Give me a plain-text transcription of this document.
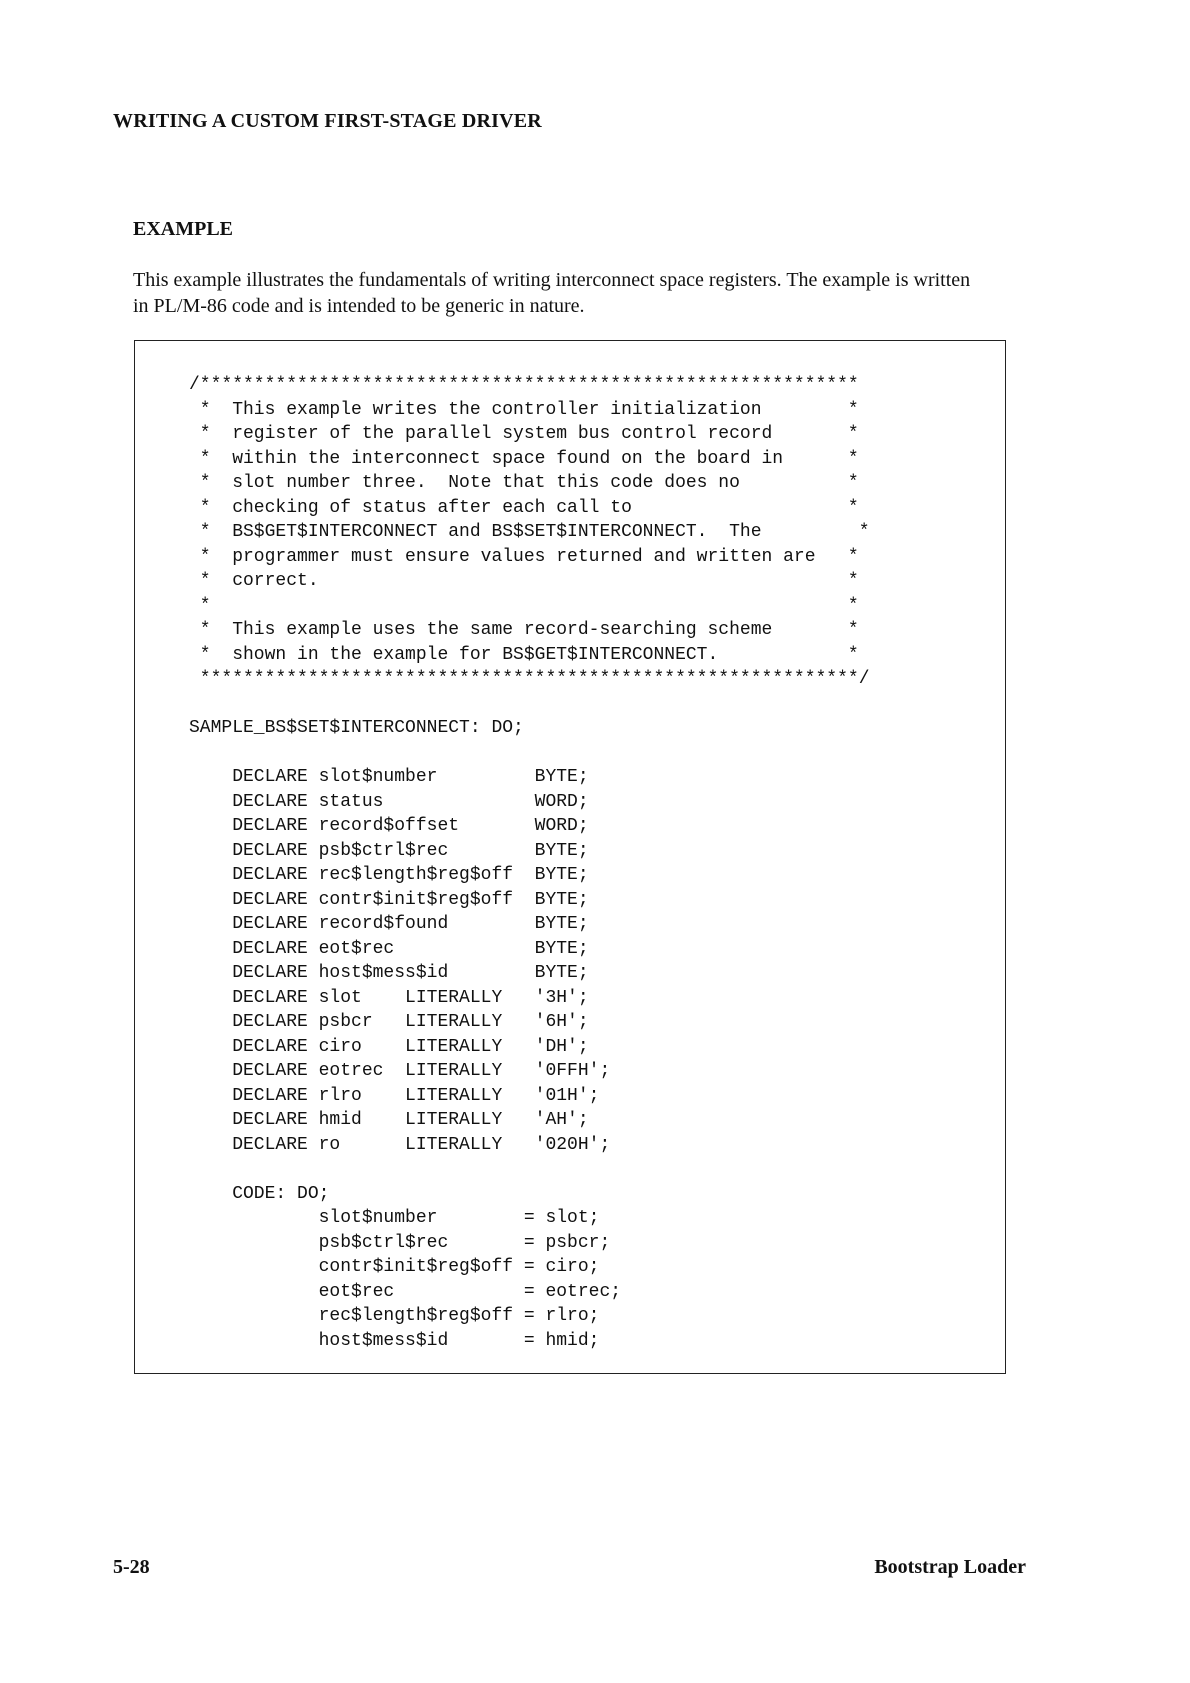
WRITING A CUSTOM FIRST-STAGE DRIVER
EXAMPLE

This example illustrates the fundamentals of writing interconnect space registers. The example is written in PL/M-86 code and is intended to be generic in nature.

/*************************************************************
*  This example writes the controller initialization        *
*  register of the parallel system bus control record       *
*  within the interconnect space found on the board in      *
*  slot number three.  Note that this code does no          *
*  checking of status after each call to                    *
*  BS$GET$INTERCONNECT and BS$SET$INTERCONNECT.  The         *
*  programmer must ensure values returned and written are   *
*  correct.                                                 *
*                                                           *
*  This example uses the same record-searching scheme       *
*  shown in the example for BS$GET$INTERCONNECT.            *
*************************************************************/
SAMPLE_BS$SET$INTERCONNECT: DO;
DECLARE slot$number         BYTE;
DECLARE status              WORD;
DECLARE record$offset       WORD;
DECLARE psb$ctrl$rec        BYTE;
DECLARE rec$length$reg$off  BYTE;
DECLARE contr$init$reg$off  BYTE;
DECLARE record$found        BYTE;
DECLARE eot$rec             BYTE;
DECLARE host$mess$id        BYTE;
DECLARE slot    LITERALLY   '3H';
DECLARE psbcr   LITERALLY   '6H';
DECLARE ciro    LITERALLY   'DH';
DECLARE eotrec  LITERALLY   '0FFH';
DECLARE rlro    LITERALLY   '01H';
DECLARE hmid    LITERALLY   'AH';
DECLARE ro      LITERALLY   '020H';
CODE: DO;
slot$number        = slot;
psb$ctrl$rec       = psbcr;
contr$init$reg$off = ciro;
eot$rec            = eotrec;
rec$length$reg$off = rlro;
host$mess$id       = hmid;
5-28	Bootstrap Loader
